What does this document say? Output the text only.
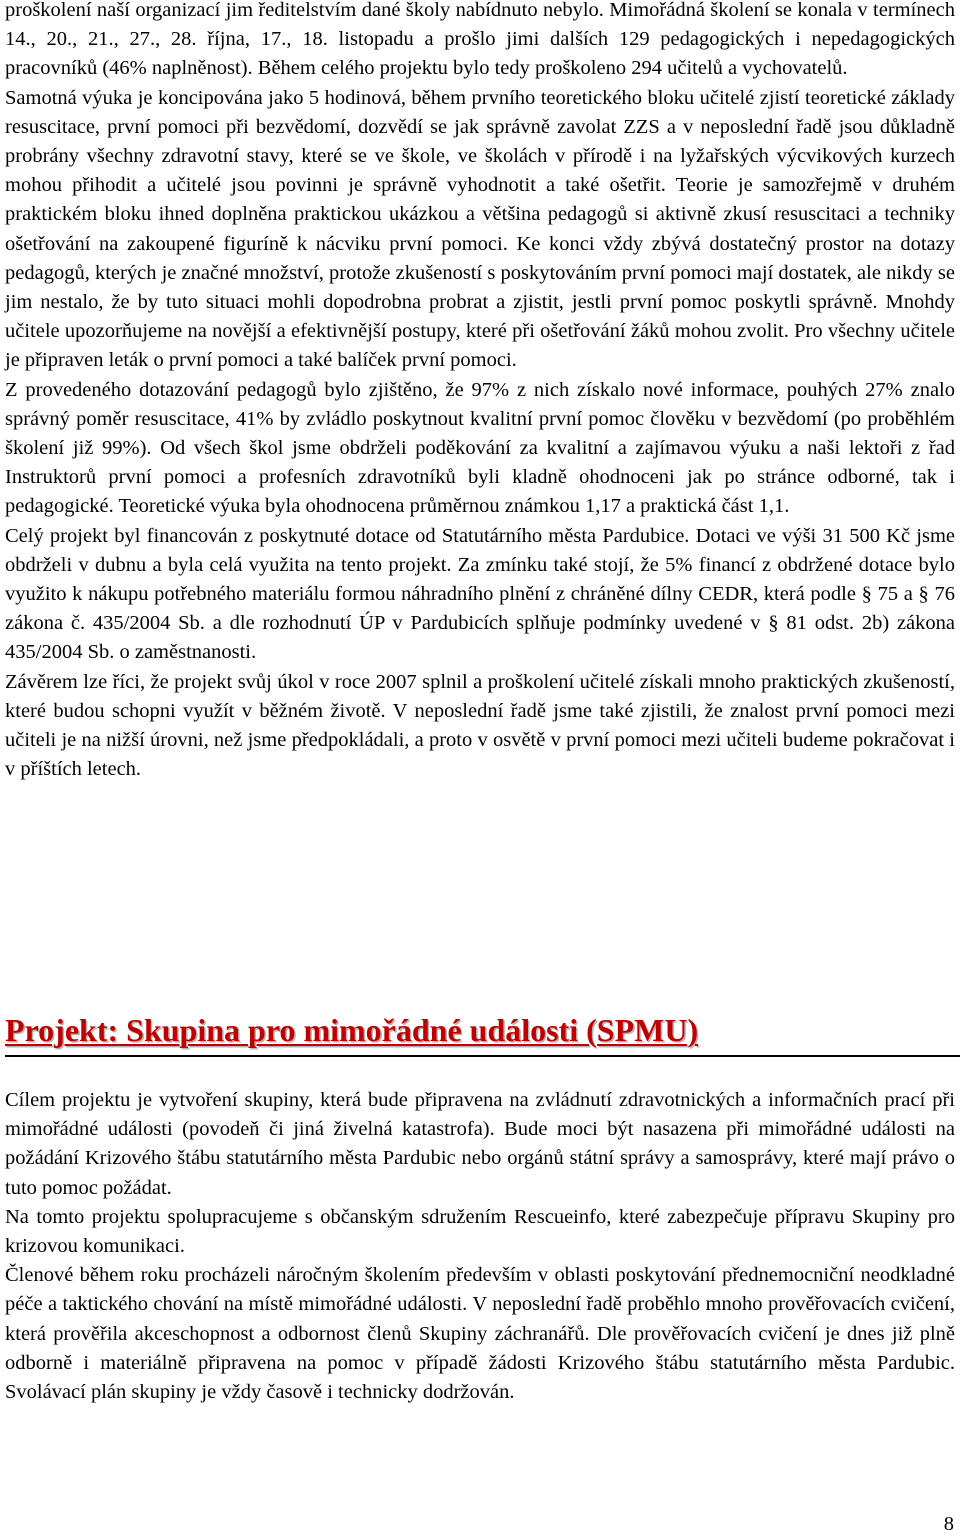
proškolení naší organizací jim ředitelstvím dané školy nabídnuto nebylo. Mimořádná školení se konala v termínech 14., 20., 21., 27., 28. října, 17., 18. listopadu a prošlo jimi dalších 129 pedagogických i nepedagogických pracovníků (46% naplněnost). Během celého projektu bylo tedy proškoleno 294 učitelů a vychovatelů.

Samotná výuka je koncipována jako 5 hodinová, během prvního teoretického bloku učitelé zjistí teoretické základy resuscitace, první pomoci při bezvědomí, dozvědí se jak správně zavolat ZZS a v neposlední řadě jsou důkladně probrány všechny zdravotní stavy, které se ve škole, ve školách v přírodě i na lyžařských výcvikových kurzech mohou přihodit a učitelé jsou povinni je správně vyhodnotit a také ošetřit. Teorie je samozřejmě v druhém praktickém bloku ihned doplněna praktickou ukázkou a většina pedagogů si aktivně zkusí resuscitaci a techniky ošetřování na zakoupené figuríně k nácviku první pomoci. Ke konci vždy zbývá dostatečný prostor na dotazy pedagogů, kterých je značné množství, protože zkušeností s poskytováním první pomoci mají dostatek, ale nikdy se jim nestalo, že by tuto situaci mohli dopodrobna probrat a zjistit, jestli první pomoc poskytli správně. Mnohdy učitele upozorňujeme na novější a efektivnější postupy, které při ošetřování žáků mohou zvolit. Pro všechny učitele je připraven leták o první pomoci a také balíček první pomoci.

Z provedeného dotazování pedagogů bylo zjištěno, že 97% z nich získalo nové informace, pouhých 27% znalo správný poměr resuscitace, 41% by zvládlo poskytnout kvalitní první pomoc člověku v bezvědomí (po proběhlém školení již 99%). Od všech škol jsme obdrželi poděkování za kvalitní a zajímavou výuku a naši lektoři z řad Instruktorů první pomoci a profesních zdravotníků byli kladně ohodnoceni jak po stránce odborné, tak i pedagogické. Teoretické výuka byla ohodnocena průměrnou známkou 1,17 a praktická část 1,1.

Celý projekt byl financován z poskytnuté dotace od Statutárního města Pardubice. Dotaci ve výši 31 500 Kč jsme obdrželi v dubnu a byla celá využita na tento projekt. Za zmínku také stojí, že 5% financí z obdržené dotace bylo využito k nákupu potřebného materiálu formou náhradního plnění z chráněné dílny CEDR, která podle § 75 a § 76 zákona č. 435/2004 Sb. a dle rozhodnutí ÚP v Pardubicích splňuje podmínky uvedené v § 81 odst. 2b) zákona 435/2004 Sb. o zaměstnanosti.

Závěrem lze říci, že projekt svůj úkol v roce 2007 splnil a proškolení učitelé získali mnoho praktických zkušeností, které budou schopni využít v běžném životě. V neposlední řadě jsme také zjistili, že znalost první pomoci mezi učiteli je na nižší úrovni, než jsme předpokládali, a proto v osvětě v první pomoci mezi učiteli budeme pokračovat i v příštích letech.

Projekt: Skupina pro mimořádné události (SPMU)

Cílem projektu je vytvoření skupiny, která bude připravena na zvládnutí zdravotnických a informačních prací při mimořádné události (povodeň či jiná živelná katastrofa). Bude moci být nasazena při mimořádné události na požádání Krizového štábu statutárního města Pardubic nebo orgánů státní správy a samosprávy, které mají právo o tuto pomoc požádat.

Na tomto projektu spolupracujeme s občanským sdružením Rescueinfo, které zabezpečuje přípravu Skupiny pro krizovou komunikaci.

Členové během roku procházeli náročným školením především v oblasti poskytování přednemocniční neodkladné péče a taktického chování na místě mimořádné události. V neposlední řadě proběhlo mnoho prověřovacích cvičení, která prověřila akceschopnost a odbornost členů Skupiny záchranářů. Dle prověřovacích cvičení je dnes již plně odborně i materiálně připravena na pomoc v případě žádosti Krizového štábu statutárního města Pardubic. Svolávací plán skupiny je vždy časově i technicky dodržován.

8
